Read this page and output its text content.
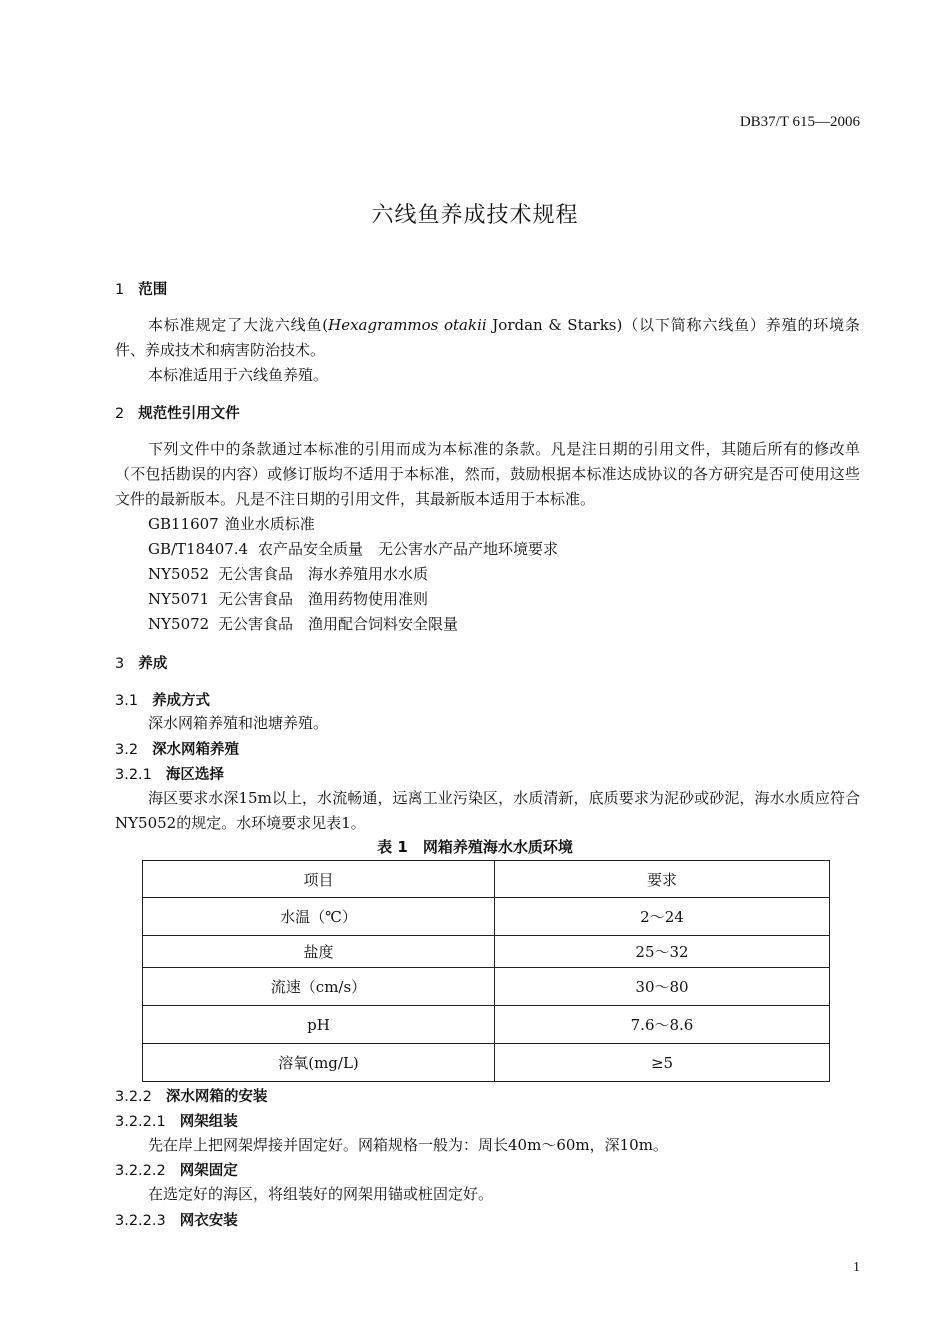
DB37/T 615—2006
六线鱼养成技术规程
1 范围
本标准规定了大泷六线鱼(Hexagrammos otakii Jordan & Starks)（以下简称六线鱼）养殖的环境条件、养成技术和病害防治技术。
本标准适用于六线鱼养殖。
2 规范性引用文件
下列文件中的条款通过本标准的引用而成为本标准的条款。凡是注日期的引用文件，其随后所有的修改单（不包括勘误的内容）或修订版均不适用于本标准，然而，鼓励根据本标准达成协议的各方研究是否可使用这些文件的最新版本。凡是不注日期的引用文件，其最新版本适用于本标准。
GB11607 渔业水质标准
GB/T18407.4 农产品安全质量　无公害水产品产地环境要求
NY5052 无公害食品　海水养殖用水水质
NY5071 无公害食品　渔用药物使用准则
NY5072 无公害食品　渔用配合饲料安全限量
3 养成
3.1 养成方式
深水网箱养殖和池塘养殖。
3.2 深水网箱养殖
3.2.1 海区选择
海区要求水深15m以上，水流畅通，远离工业污染区，水质清新，底质要求为泥砂或砂泥，海水水质应符合NY5052的规定。水环境要求见表1。
表 1　网箱养殖海水水质环境
项目	要求
水温（℃）	2～24
盐度	25～32
流速（cm/s）	30～80
pH	7.6～8.6
溶氧(mg/L)	≥5
3.2.2 深水网箱的安装
3.2.2.1 网架组装
先在岸上把网架焊接并固定好。网箱规格一般为：周长40m～60m，深10m。
3.2.2.2 网架固定
在选定好的海区，将组装好的网架用锚或桩固定好。
3.2.2.3 网衣安装
1
